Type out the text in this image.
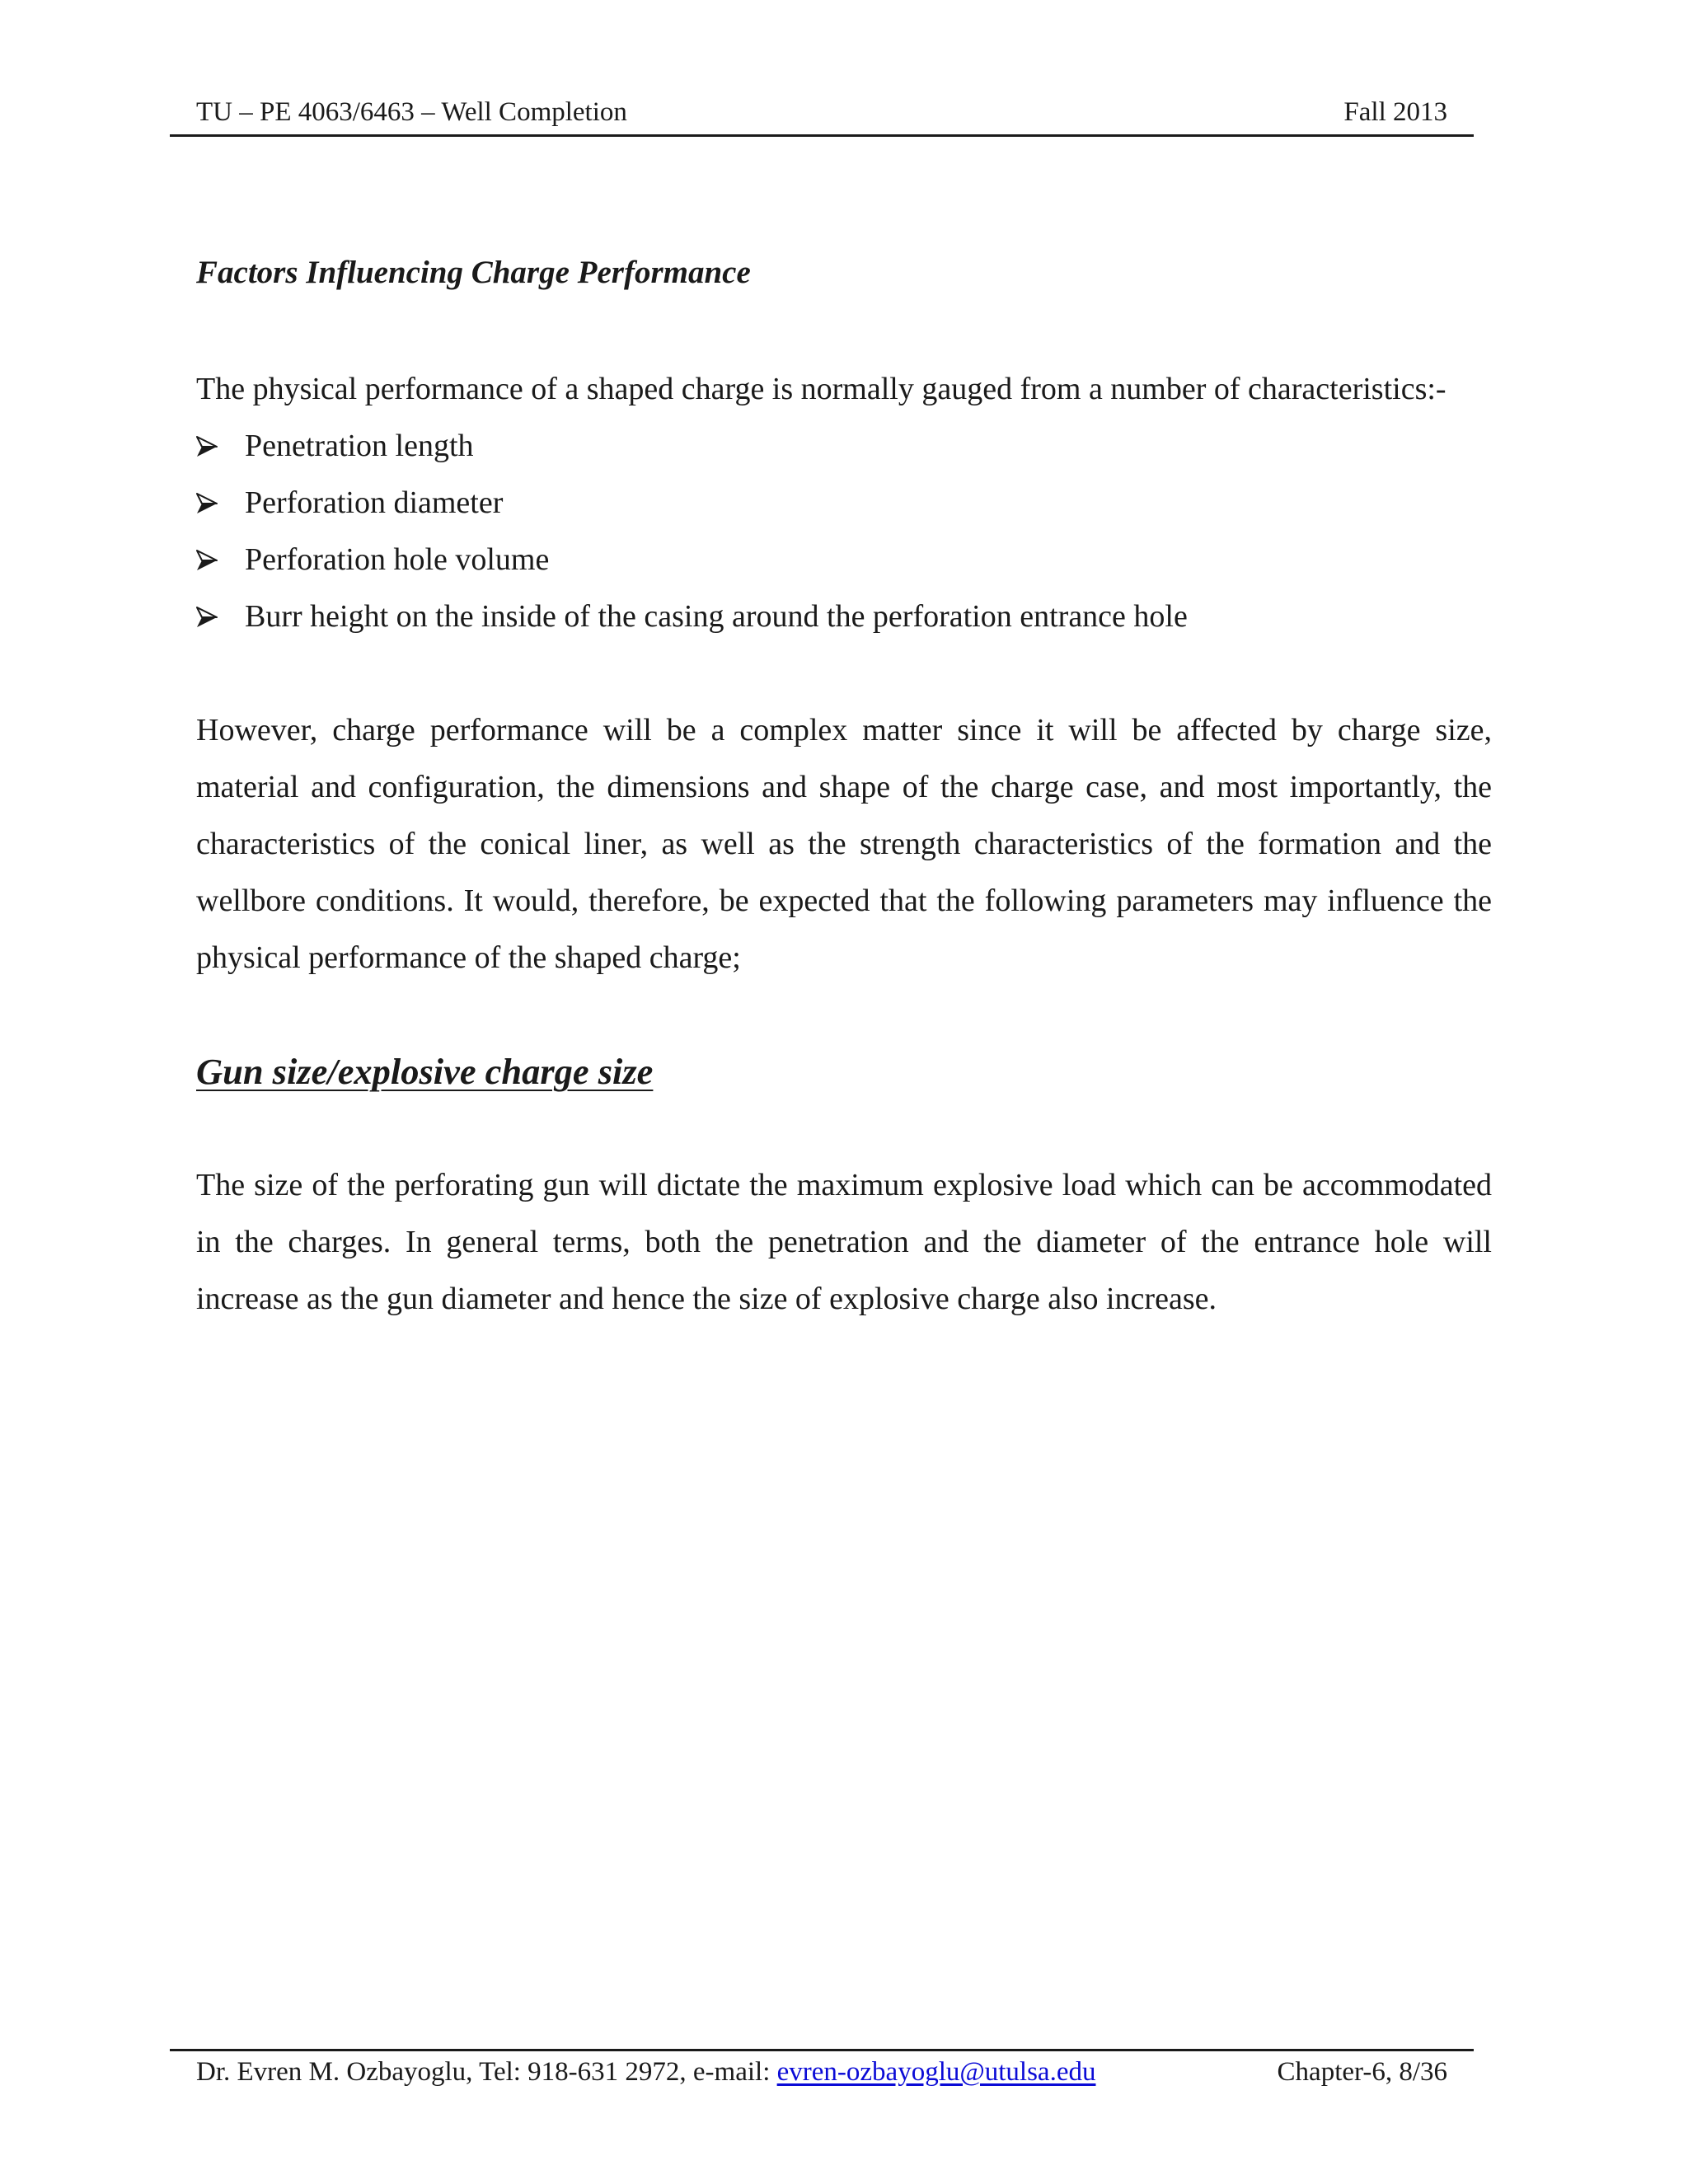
TU – PE 4063/6463 – Well Completion	Fall 2013
Factors Influencing Charge Performance

The physical performance of a shaped charge is normally gauged from a number of characteristics:-

Penetration length
Perforation diameter
Perforation hole volume
Burr height on the inside of the casing around the perforation entrance hole

However, charge performance will be a complex matter since it will be affected by charge size, material and configuration, the dimensions and shape of the charge case, and most importantly, the characteristics of the conical liner, as well as the strength characteristics of the formation and the wellbore conditions. It would, therefore, be expected that the following parameters may influence the physical performance of the shaped charge;

Gun size/explosive charge size

The size of the perforating gun will dictate the maximum explosive load which can be accommodated in the charges. In general terms, both the penetration and the diameter of the entrance hole will increase as the gun diameter and hence the size of explosive charge also increase.

Dr. Evren M. Ozbayoglu, Tel: 918-631 2972, e-mail: evren-ozbayoglu@utulsa.edu	Chapter-6, 8/36
